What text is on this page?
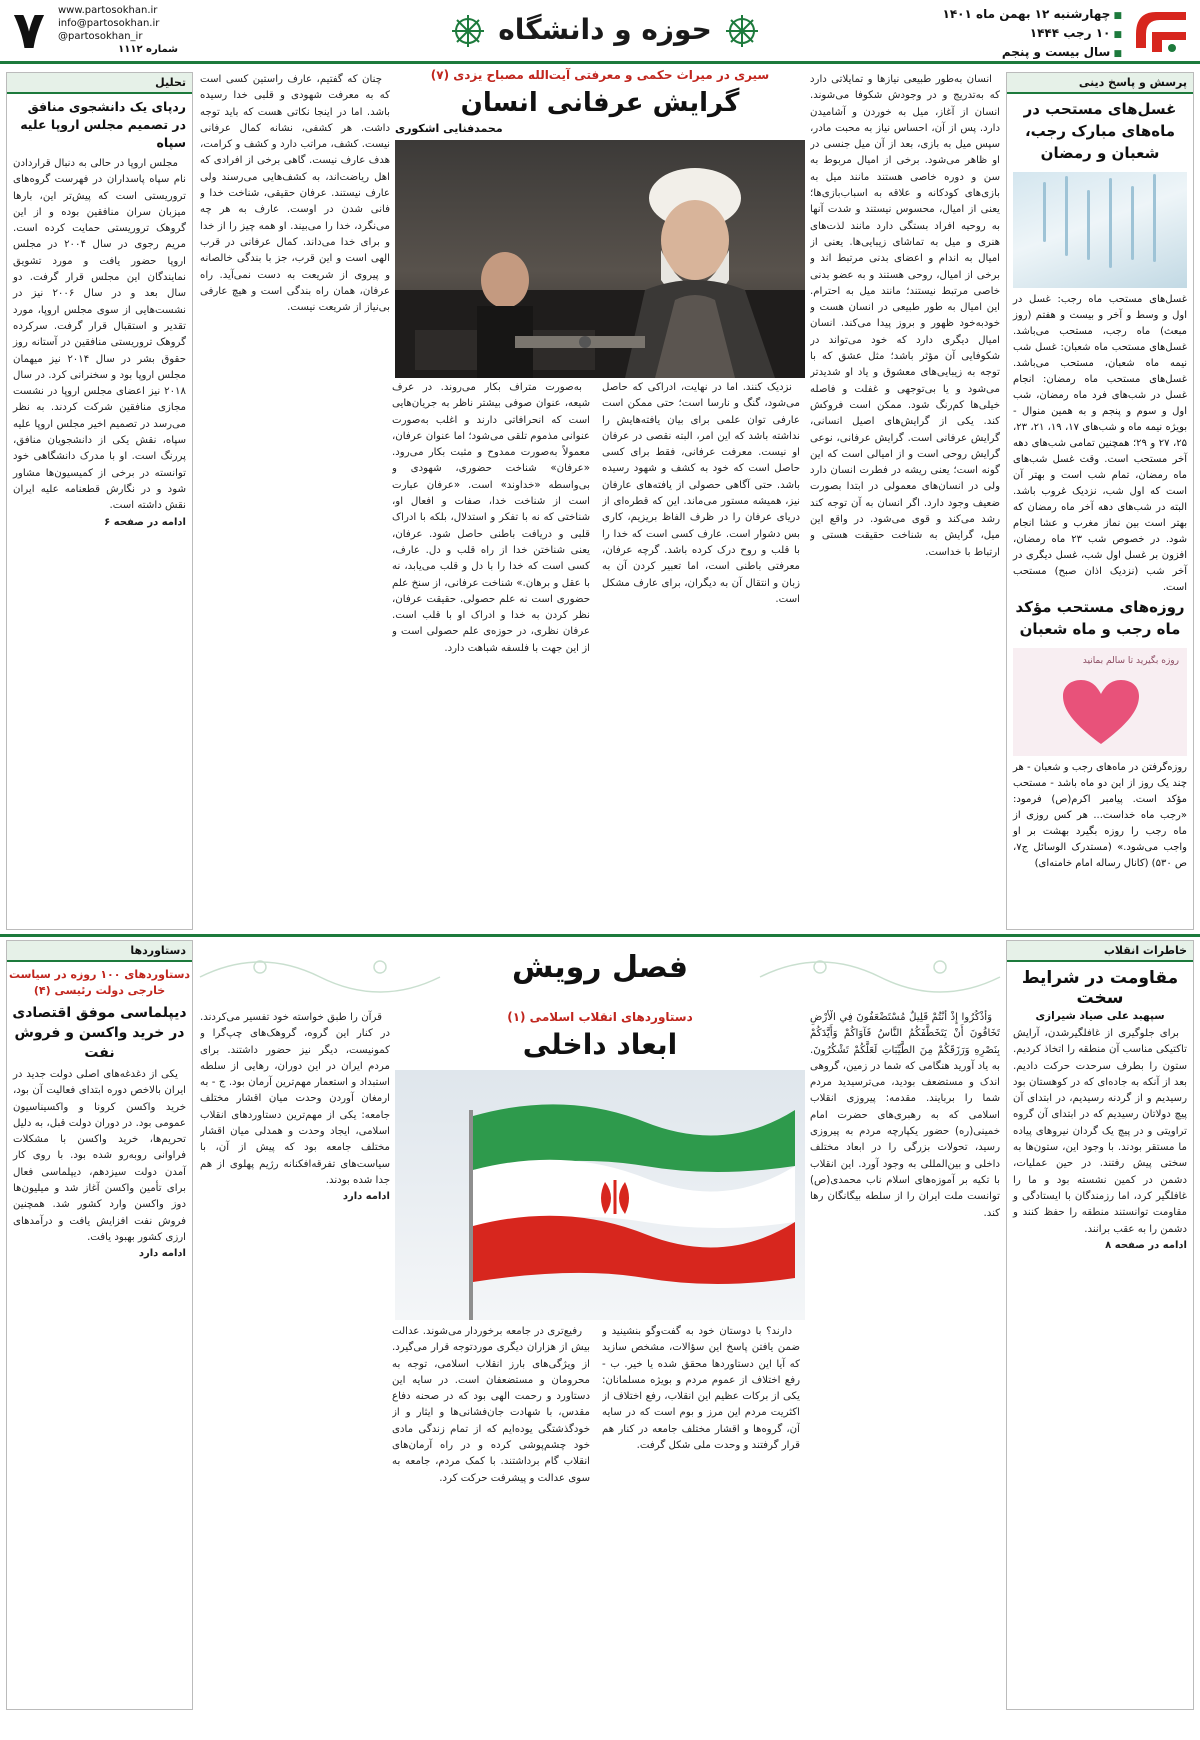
■ چهارشنبه ۱۲ بهمن ماه ۱۴۰۱
■ ۱۰ رجب ۱۴۴۴
■ سال بیست و پنجم
حوزه و دانشگاه
www.partosokhan.ir
info@partosokhan.ir
@partosokhan_ir
شماره ۱۱۱۲
۷
پرسش و پاسخ دینی
غسل‌های مستحب در ماه‌های مبارک رجب، شعبان و رمضان
غسل‌های مستحب ماه رجب: غسل در اول و وسط و آخر و بیست و هفتم (روز مبعث) ماه رجب، مستحب می‌باشد. غسل‌های مستحب ماه شعبان: غسل شب نیمه ماه شعبان، مستحب می‌باشد. غسل‌های مستحب ماه رمضان: انجام غسل در شب‌های فرد ماه رمضان، شب اول و سوم و پنجم و به همین منوال - بویژه نیمه ماه و شب‌های ۱۷، ۱۹، ۲۱، ۲۳، ۲۵، ۲۷ و ۲۹؛ همچنین تمامی شب‌های دهه آخر مستحب است. وقت غسل شب‌های ماه رمضان، تمام شب است و بهتر آن است که اول شب، نزدیک غروب باشد. البته در شب‌های دهه آخر ماه رمضان که بهتر است بین نماز مغرب و عشا انجام شود. در خصوص شب ۲۳ ماه رمضان، افزون بر غسل اول شب، غسل دیگری در آخر شب (نزدیک اذان صبح) مستحب است.
روزه‌های مستحب مؤکد ماه رجب و ماه شعبان
روزه بگیرید تا سالم بمانید
روزه‌گرفتن در ماه‌های رجب و شعبان - هر چند یک روز از این دو ماه باشد - مستحب مؤکد است. پیامبر اکرم(ص) فرمود: «رجب ماه خداست... هر کس روزی از ماه رجب را روزه بگیرد بهشت بر او واجب می‌شود.» (مستدرک الوسائل ج۷، ص ۵۳۰) (کانال رساله امام خامنه‌ای)
سیری در میراث حکمی و معرفتی آیت‌الله مصباح یزدی (۷)
گرایش عرفانی انسان
محمدفنایی اشکوری

انسان به‌طور طبیعی نیازها و تمایلاتی دارد که به‌تدریج و در وجودش شکوفا می‌شوند. انسان از آغاز، میل به خوردن و آشامیدن دارد. پس از آن، احساس نیاز به محبت مادر، سپس میل به بازی، بعد از آن میل جنسی در او ظاهر می‌شود. برخی از امیال مربوط به سن و دوره خاصی هستند مانند میل به بازی‌های کودکانه و علاقه به اسباب‌بازی‌ها؛ یعنی از امیال، محسوس نیستند و شدت آنها به روحیه افراد بستگی دارد مانند لذت‌های هنری و میل به تماشای زیبایی‌ها. یعنی از امیال به اندام و اعضای بدنی مرتبط اند و برخی از امیال، روحی هستند و به عضو بدنی خاصی مرتبط نیستند؛ مانند میل به احترام. این امیال به طور طبیعی در انسان هست و خودبه‌خود ظهور و بروز پیدا می‌کند. انسان امیال دیگری دارد که خود می‌تواند در شکوفایی آن مؤثر باشد؛ مثل عشق که با توجه به زیبایی‌های معشوق و یاد او شدیدتر می‌شود و یا بی‌توجهی و غفلت و فاصله خیلی‌ها کم‌رنگ شود. ممکن است فروکش کند. یکی از گرایش‌های اصیل انسانی، گرایش عرفانی است. گرایش عرفانی، نوعی گرایش روحی است و از امیالی است که این گونه است؛ یعنی ریشه در فطرت انسان دارد ولی در انسان‌های معمولی در ابتدا بصورت ضعیف وجود دارد. اگر انسان به آن توجه کند رشد می‌کند و قوی می‌شود. در واقع این میل، گرایش به شناخت حقیقت هستی و ارتباط با خداست.

به‌صورت متراف بکار می‌روند. در عرف شیعه، عنوان صوفی بیشتر ناظر به جریان‌هایی است که انحرافاتی دارند و اغلب به‌صورت عنوانی مذموم تلقی می‌شود؛ اما عنوان عرفان، معمولاً به‌صورت ممدوح و مثبت بکار می‌رود. «عرفان» شناخت حضوری، شهودی و بی‌واسطه «خداوند» است. «عرفان عبارت است از شناخت خدا، صفات و افعال او، شناختی که نه با تفکر و استدلال، بلکه با ادراک قلبی و دریافت باطنی حاصل شود. عرفان، یعنی شناختن خدا از راه قلب و دل. عارف، کسی است که خدا را با دل و قلب می‌یابد، نه با عقل و برهان.» شناخت عرفانی، از سنخ علم حضوری است نه علم حصولی. حقیقت عرفان، نظر کردن به خدا و ادراک او با قلب است. عرفان نظری، در حوزه‌ی علم حصولی است و از این جهت با فلسفه شباهت دارد.

نزدیک کنند. اما در نهایت، ادراکی که حاصل می‌شود، گنگ و نارسا است؛ حتی ممکن است عارفی توان علمی برای بیان یافته‌هایش را نداشته باشد که این امر، البته نقصی در عرفان او نیست. معرفت عرفانی، فقط برای کسی حاصل است که خود به کشف و شهود رسیده باشد. حتی آگاهی حصولی از یافته‌های عارفان نیز، همیشه مستور می‌ماند. این که قطره‌ای از دریای عرفان را در ظرف الفاظ بریزیم، کاری بس دشوار است. عارف کسی است که خدا را با قلب و روح درک کرده باشد. گرچه عرفان، معرفتی باطنی است، اما تعبیر کردن آن به زبان و انتقال آن به دیگران، برای عارف مشکل است.

چنان که گفتیم، عارف راستین کسی است که به معرفت شهودی و قلبی خدا رسیده باشد. اما در اینجا نکاتی هست که باید توجه داشت. هر کشفی، نشانه کمال عرفانی نیست. کشف، مراتب دارد و کشف و کرامت، هدف عارف نیست. گاهی برخی از افرادی که اهل ریاضت‌اند، به کشف‌هایی می‌رسند ولی عارف نیستند. عرفان حقیقی، شناخت خدا و فانی شدن در اوست. عارف به هر چه می‌نگرد، خدا را می‌بیند. او همه چیز را از خدا و برای خدا می‌داند. کمال عرفانی در قرب الهی است و این قرب، جز با بندگی خالصانه و پیروی از شریعت به دست نمی‌آید. راه عرفان، همان راه بندگی است و هیچ عارفی بی‌نیاز از شریعت نیست.

تحلیل
ردپای یک دانشجوی منافق در تصمیم مجلس اروپا علیه سپاه

مجلس اروپا در حالی به دنبال قراردادن نام سپاه پاسداران در فهرست گروه‌های تروریستی است که پیش‌تر این، بارها میزبان سران منافقین بوده و از این گروهک تروریستی حمایت کرده است. مریم رجوی در سال ۲۰۰۴ در مجلس اروپا حضور یافت و مورد تشویق نمایندگان این مجلس قرار گرفت. دو سال بعد و در سال ۲۰۰۶ نیز در نشست‌هایی از سوی مجلس اروپا، مورد تقدیر و استقبال قرار گرفت. سرکرده گروهک تروریستی منافقین در آستانه روز حقوق بشر در سال ۲۰۱۴ نیز میهمان مجلس اروپا بود و سخنرانی کرد. در سال ۲۰۱۸ نیز اعضای مجلس اروپا در نشست مجازی منافقین شرکت کردند. به نظر می‌رسد در تصمیم اخیر مجلس اروپا علیه سپاه، نقش یکی از دانشجویان منافق، پررنگ است. او با مدرک دانشگاهی خود توانسته در برخی از کمیسیون‌ها مشاور شود و در نگارش قطعنامه علیه ایران نقش داشته است.

ادامه در صفحه ۶
فصل رویش
دستاوردهای انقلاب اسلامی (۱)
ابعاد داخلی

وَأَذْكُرُوا إِذْ أَنْتُمْ قَلِيلٌ مُسْتَضْعَفُونَ فِي الْأَرْضِ تَخَافُونَ أَنْ يَتَخَطَّفَكُمُ النَّاسُ فَآوَاكُمْ وَأَيَّدَكُمْ بِنَصْرِهِ وَرَزَقَكُمْ مِنَ الطَّيِّبَاتِ لَعَلَّكُمْ تَشْكُرُونَ. به یاد آورید هنگامی که شما در زمین، گروهی اندک و مستضعف بودید، می‌ترسیدید مردم شما را بربایند. مقدمه: پیروزی انقلاب اسلامی که به رهبری‌های حضرت امام خمینی(ره) حضور یکپارچه مردم به پیروزی رسید، تحولات بزرگی را در ابعاد مختلف داخلی و بین‌المللی به وجود آورد. این انقلاب با تکیه بر آموزه‌های اسلام ناب محمدی(ص) توانست ملت ایران را از سلطه بیگانگان رها کند.

رفیع‌تری در جامعه برخوردار می‌شوند. عدالت بیش از هزاران دیگری موردتوجه قرار می‌گیرد. از ویژگی‌های بارز انقلاب اسلامی، توجه به محرومان و مستضعفان است. در سایه این دستاورد و رحمت الهی بود که در صحنه دفاع مقدس، با شهادت جان‌فشانی‌ها و ایثار و از خودگذشتگی یوده‌ایم که از تمام زندگی مادی خود چشم‌پوشی کرده و در راه آرمان‌های انقلاب گام برداشتند. با کمک مردم، جامعه به سوی عدالت و پیشرفت حرکت کرد.

دارند؟ با دوستان خود به گفت‌وگو بنشینید و ضمن یافتن پاسخ این سؤالات، مشخص سازید که آیا این دستاوردها محقق شده یا خیر. ب - رفع اختلاف از عموم مردم و بویژه مسلمانان: یکی از برکات عظیم این انقلاب، رفع اختلاف از اکثریت مردم این مرز و بوم است که در سایه آن، گروه‌ها و اقشار مختلف جامعه در کنار هم قرار گرفتند و وحدت ملی شکل گرفت.

قرآن را طبق خواسته خود تفسیر می‌کردند. در کنار این گروه، گروهک‌های چپ‌گرا و کمونیست، دیگر نیز حضور داشتند. برای مردم ایران در این دوران، رهایی از سلطه استبداد و استعمار مهم‌ترین آرمان بود. ج - به ارمغان آوردن وحدت میان اقشار مختلف جامعه: یکی از مهم‌ترین دستاوردهای انقلاب اسلامی، ایجاد وحدت و همدلی میان اقشار مختلف جامعه بود که پیش از آن، با سیاست‌های تفرقه‌افکنانه رژیم پهلوی از هم جدا شده بودند.

ادامه دارد
خاطرات انقلاب
مقاومت در شرایط سخت
سپهبد علی صیاد شیرازی

برای جلوگیری از غافلگیرشدن، آرایش تاکتیکی مناسب آن منطقه را اتخاذ کردیم. ستون را بطرف سرحدت حرکت دادیم. بعد از آنکه به جاده‌ای که در کوهستان بود رسیدیم و از گردنه رسیدیم، در ابتدای آن پیچ دولاتان رسیدیم که در ابتدای آن گروه تراویتی و در پیچ یک گردان نیروهای پیاده ما مستقر بودند. با وجود این، ستون‌ها به سختی پیش رفتند. در حین عملیات، دشمن در کمین نشسته بود و ما را غافلگیر کرد، اما رزمندگان با ایستادگی و مقاومت توانستند منطقه را حفظ کنند و دشمن را به عقب برانند.

ادامه در صفحه ۸
دستاوردها
دستاوردهای ۱۰۰ روزه در سیاست
خارجی دولت رئیسی (۴)
دیپلماسی موفق اقتصادی در خرید واکسن و فروش نفت

یکی از دغدغه‌های اصلی دولت جدید در ایران بالاخص دوره ابتدای فعالیت آن بود، خرید واکسن کرونا و واکسیناسیون عمومی بود. در دوران دولت قبل، به دلیل تحریم‌ها، خرید واکسن با مشکلات فراوانی روبه‌رو شده بود. با روی کار آمدن دولت سیزدهم، دیپلماسی فعال برای تأمین واکسن آغاز شد و میلیون‌ها دوز واکسن وارد کشور شد. همچنین فروش نفت افزایش یافت و درآمدهای ارزی کشور بهبود یافت.

ادامه دارد
